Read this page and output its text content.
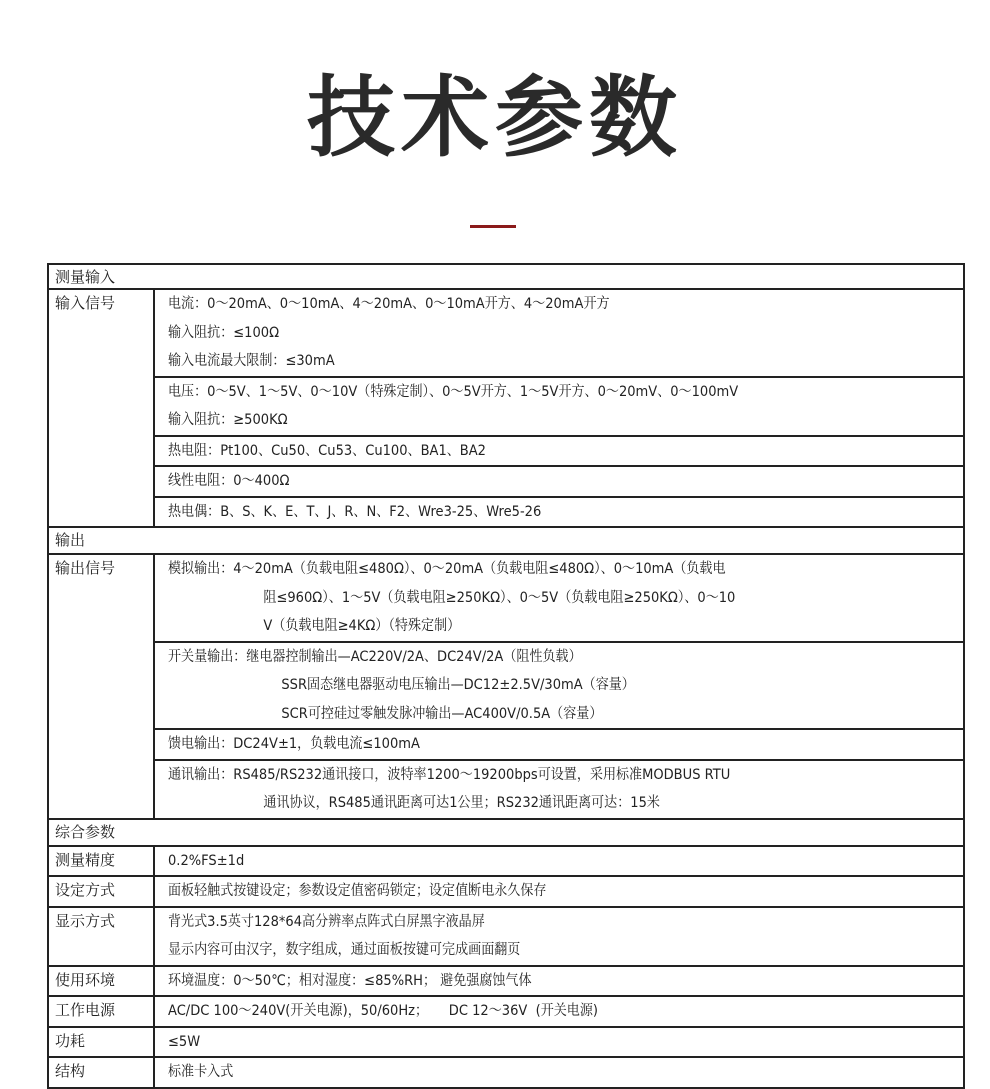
技术参数
测量输入
输入信号	电流：0～20mA、0～10mA、4～20mA、0～10mA开方、4～20mA开方
输入阻抗：≤100Ω
输入电流最大限制：≤30mA
电压：0～5V、1～5V、0～10V（特殊定制）、0～5V开方、1～5V开方、0～20mV、0～100mV
输入阻抗：≥500KΩ
热电阻：Pt100、Cu50、Cu53、Cu100、BA1、BA2
线性电阻：0～400Ω
热电偶：B、S、K、E、T、J、R、N、F2、Wre3-25、Wre5-26
输出
输出信号	模拟输出：4～20mA（负载电阻≤480Ω）、0～20mA（负载电阻≤480Ω）、0～10mA（负载电
阻≤960Ω）、1～5V（负载电阻≥250KΩ）、0～5V（负载电阻≥250KΩ）、0～10
V（负载电阻≥4KΩ）（特殊定制）
开关量输出：继电器控制输出—AC220V/2A、DC24V/2A（阻性负载）
SSR固态继电器驱动电压输出—DC12±2.5V/30mA（容量）
SCR可控硅过零触发脉冲输出—AC400V/0.5A（容量）
馈电输出：DC24V±1，负载电流≤100mA
通讯输出：RS485/RS232通讯接口，波特率1200～19200bps可设置，采用标准MODBUS RTU
通讯协议，RS485通讯距离可达1公里；RS232通讯距离可达：15米
综合参数
测量精度	0.2%FS±1d
设定方式	面板轻触式按键设定；参数设定值密码锁定；设定值断电永久保存
显示方式	背光式3.5英寸128*64高分辨率点阵式白屏黑字液晶屏
显示内容可由汉字，数字组成，通过面板按键可完成画面翻页
使用环境	环境温度：0～50℃；相对湿度：≤85%RH； 避免强腐蚀气体
工作电源	AC/DC 100～240V(开关电源)，50/60Hz；     DC 12～36V  (开关电源)
功耗	≤5W
结构	标准卡入式
